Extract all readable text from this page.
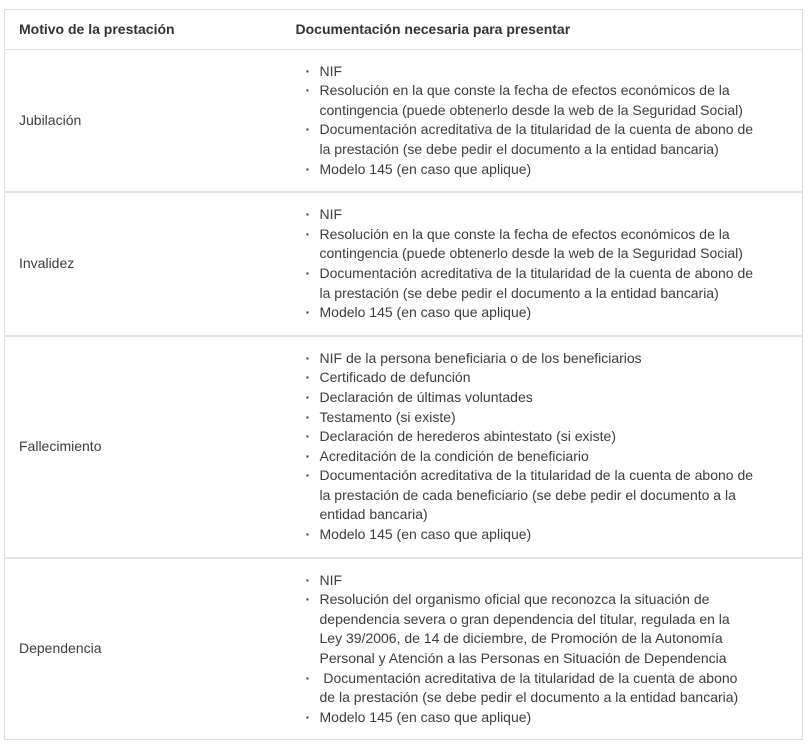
Motivo de la prestación	Documentación necesaria para presentar
Jubilación	
· NIF
· Resolución en la que conste la fecha de efectos económicos de la contingencia (puede obtenerlo desde la web de la Seguridad Social)
· Documentación acreditativa de la titularidad de la cuenta de abono de la prestación (se debe pedir el documento a la entidad bancaria)
· Modelo 145 (en caso que aplique)

Invalidez	
· NIF
· Resolución en la que conste la fecha de efectos económicos de la contingencia (puede obtenerlo desde la web de la Seguridad Social)
· Documentación acreditativa de la titularidad de la cuenta de abono de la prestación (se debe pedir el documento a la entidad bancaria)
· Modelo 145 (en caso que aplique)

Fallecimiento	
· NIF de la persona beneficiaria o de los beneficiarios
· Certificado de defunción
· Declaración de últimas voluntades
· Testamento (si existe)
· Declaración de herederos abintestato (si existe)
· Acreditación de la condición de beneficiario
· Documentación acreditativa de la titularidad de la cuenta de abono de la prestación de cada beneficiario (se debe pedir el documento a la entidad bancaria)
· Modelo 145 (en caso que aplique)

Dependencia	
· NIF
· Resolución del organismo oficial que reconozca la situación de dependencia severa o gran dependencia del titular, regulada en la Ley 39/2006, de 14 de diciembre, de Promoción de la Autonomía Personal y Atención a las Personas en Situación de Dependencia
· Documentación acreditativa de la titularidad de la cuenta de abono de la prestación (se debe pedir el documento a la entidad bancaria)
· Modelo 145 (en caso que aplique)
